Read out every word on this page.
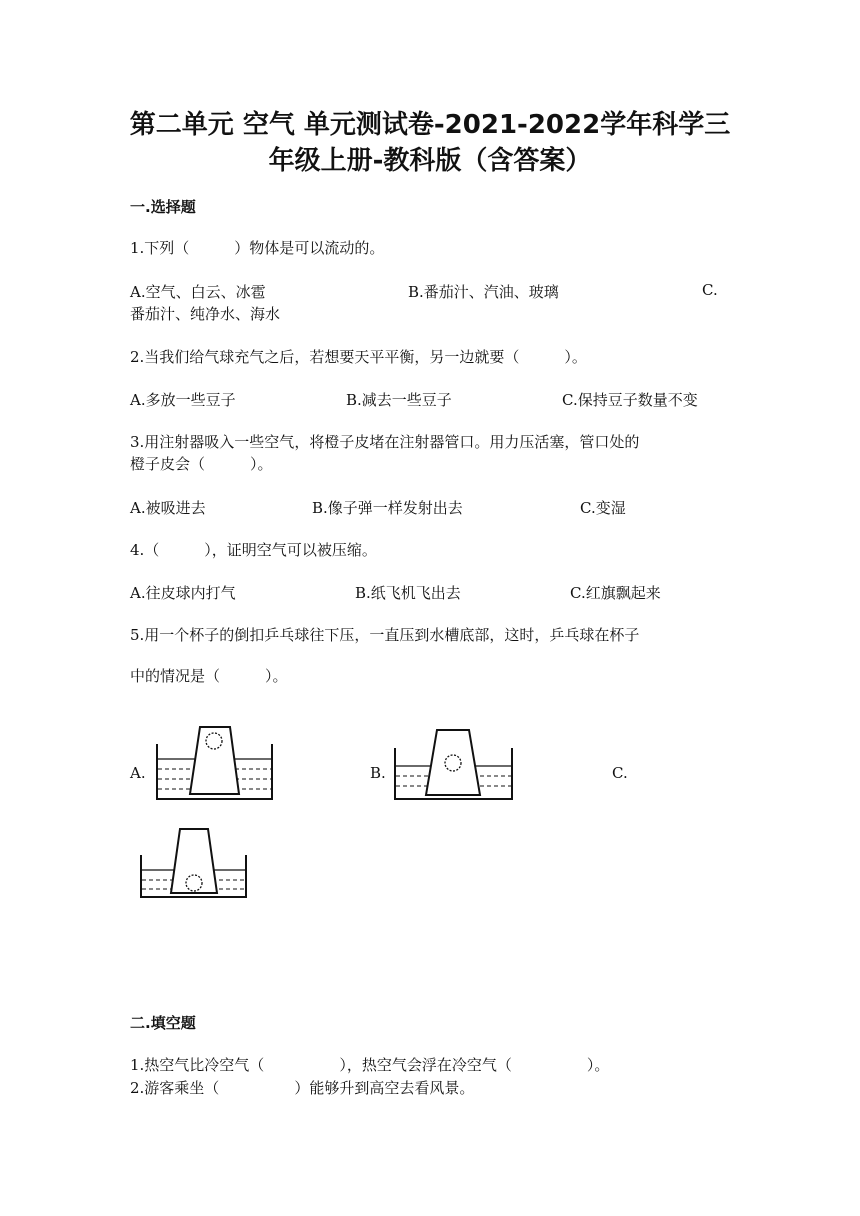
第二单元 空气 单元测试卷-2021-2022学年科学三
年级上册-教科版（含答案）
一.选择题
1.下列（　　　）物体是可以流动的。
A.空气、白云、冰雹	B.番茄汁、汽油、玻璃	C.
番茄汁、纯净水、海水
2.当我们给气球充气之后，若想要天平平衡，另一边就要（　　　）。
A.多放一些豆子	B.减去一些豆子	C.保持豆子数量不变
3.用注射器吸入一些空气，将橙子皮堵在注射器管口。用力压活塞，管口处的
橙子皮会（　　　）。
A.被吸进去	B.像子弹一样发射出去	C.变湿
4.（　　　），证明空气可以被压缩。
A.往皮球内打气	B.纸飞机飞出去	C.红旗飘起来
5.用一个杯子的倒扣乒乓球往下压，一直压到水槽底部，这时，乒乓球在杯子
中的情况是（　　　）。
A.	B.	C.
二.填空题
1.热空气比冷空气（　　　　　），热空气会浮在冷空气（　　　　　）。
2.游客乘坐（　　　　　）能够升到高空去看风景。
